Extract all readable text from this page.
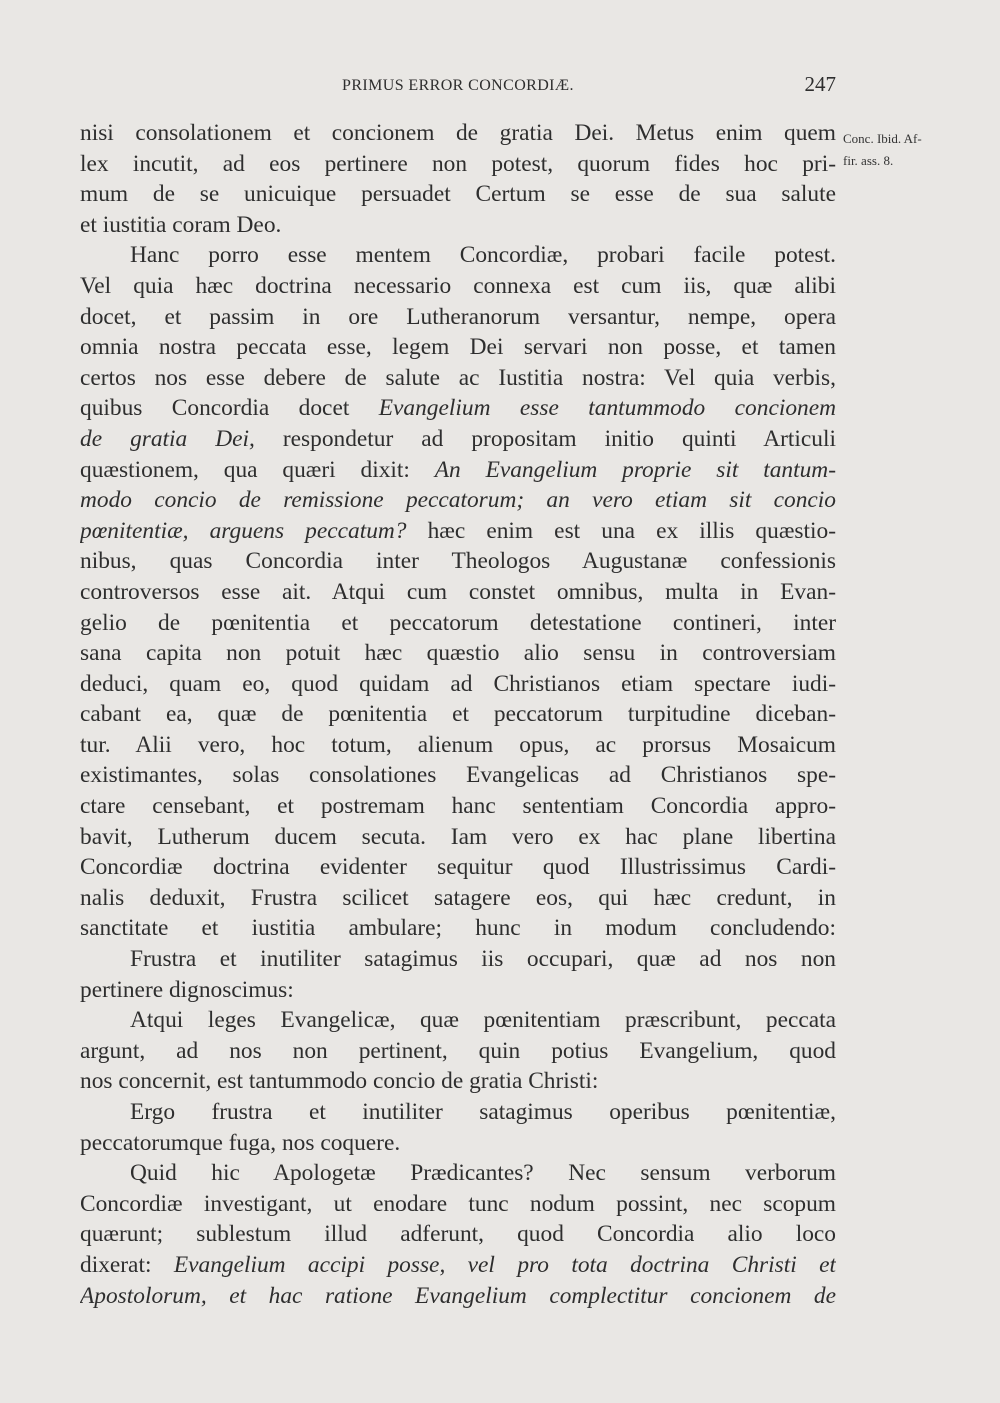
PRIMUS ERROR CONCORDIÆ.	247
Conc. Ibid. Af-
fir. ass. 8.
nisi consolationem et concionem de gratia Dei. Metus enim quem
lex incutit, ad eos pertinere non potest, quorum fides hoc pri-
mum de se unicuique persuadet Certum se esse de sua salute
et iustitia coram Deo.
Hanc porro esse mentem Concordiæ, probari facile potest.
Vel quia hæc doctrina necessario connexa est cum iis, quæ alibi
docet, et passim in ore Lutheranorum versantur, nempe, opera
omnia nostra peccata esse, legem Dei servari non posse, et tamen
certos nos esse debere de salute ac Iustitia nostra: Vel quia verbis,
quibus Concordia docet Evangelium esse tantummodo concionem
de gratia Dei, respondetur ad propositam initio quinti Articuli
quæstionem, qua quæri dixit: An Evangelium proprie sit tantum-
modo concio de remissione peccatorum; an vero etiam sit concio
pœnitentiæ, arguens peccatum? hæc enim est una ex illis quæstio-
nibus, quas Concordia inter Theologos Augustanæ confessionis
controversos esse ait. Atqui cum constet omnibus, multa in Evan-
gelio de pœnitentia et peccatorum detestatione contineri, inter
sana capita non potuit hæc quæstio alio sensu in controversiam
deduci, quam eo, quod quidam ad Christianos etiam spectare iudi-
cabant ea, quæ de pœnitentia et peccatorum turpitudine diceban-
tur. Alii vero, hoc totum, alienum opus, ac prorsus Mosaicum
existimantes, solas consolationes Evangelicas ad Christianos spe-
ctare censebant, et postremam hanc sententiam Concordia appro-
bavit, Lutherum ducem secuta. Iam vero ex hac plane libertina
Concordiæ doctrina evidenter sequitur quod Illustrissimus Cardi-
nalis deduxit, Frustra scilicet satagere eos, qui hæc credunt, in
sanctitate et iustitia ambulare; hunc in modum concludendo:
Frustra et inutiliter satagimus iis occupari, quæ ad nos non
pertinere dignoscimus:
Atqui leges Evangelicæ, quæ pœnitentiam præscribunt, peccata
argunt, ad nos non pertinent, quin potius Evangelium, quod
nos concernit, est tantummodo concio de gratia Christi:
Ergo frustra et inutiliter satagimus operibus pœnitentiæ,
peccatorumque fuga, nos coquere.
Quid hic Apologetæ Prædicantes? Nec sensum verborum
Concordiæ investigant, ut enodare tunc nodum possint, nec scopum
quærunt; sublestum illud adferunt, quod Concordia alio loco
dixerat: Evangelium accipi posse, vel pro tota doctrina Christi et
Apostolorum, et hac ratione Evangelium complectitur concionem de
